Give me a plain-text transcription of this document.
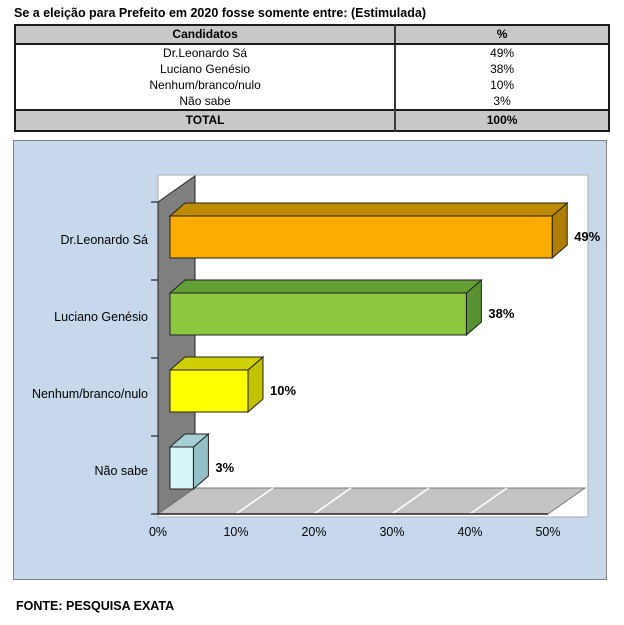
Se a eleição para Prefeito em 2020 fosse somente entre: (Estimulada)
Candidatos	%
Dr.Leonardo Sá	49%
Luciano Genésio	38%
Nenhum/branco/nulo	10%
Não sabe	3%
TOTAL	100%
49%
38%
10%
3%
Dr.Leonardo Sá
Luciano Genésio
Nenhum/branco/nulo
Não sabe
0%	10%	20%	30%	40%	50%
FONTE: PESQUISA EXATA
